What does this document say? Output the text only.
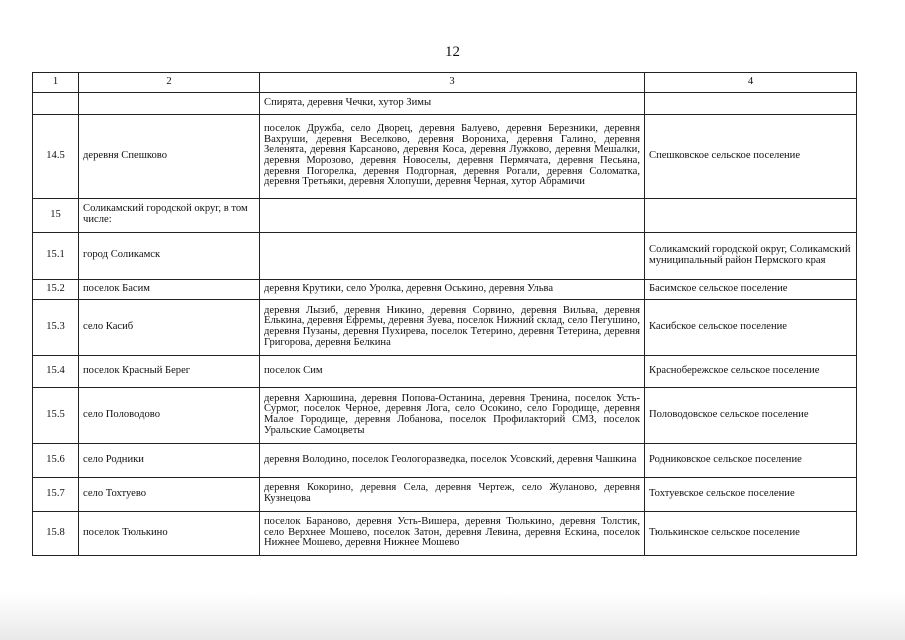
12
1	2	3	4
		Спирята, деревня Чечки, хутор Зимы	
14.5	деревня Спешково	поселок Дружба, село Дворец, деревня Балуево, деревня Березники, деревня Вахруши, деревня Веселково, деревня Ворониха, деревня Галино, деревня Зеленята, деревня Карсаново, деревня Коса, деревня Лужково, деревня Мешалки, деревня Морозово, деревня Новоселы, деревня Пермячата, деревня Песьяна, деревня Погорелка, деревня Подгорная, деревня Рогали, деревня Соломатка, деревня Третьяки, деревня Хлопуши, деревня Черная, хутор Абрамичи	Спешковское сельское поселение
15	Соликамский городской округ, в том числе:		
15.1	город Соликамск		Соликамский городской округ, Соликамский муниципальный район Пермского края
15.2	поселок Басим	деревня Крутики, село Уролка, деревня Оськино, деревня Ульва	Басимское сельское поселение
15.3	село Касиб	деревня Лызиб, деревня Никино, деревня Сорвино, деревня Вильва, деревня Елькина, деревня Ефремы, деревня Зуева, поселок Нижний склад, село Пегушино, деревня Пузаны, деревня Пухирева, поселок Тетерино, деревня Тетерина, деревня Григорова, деревня Белкина	Касибское сельское поселение
15.4	поселок Красный Берег	поселок Сим	Краснобережское сельское поселение
15.5	село Половодово	деревня Харюшина, деревня Попова-Останина, деревня Тренина, поселок Усть-Сурмог, поселок Черное, деревня Лога, село Осокино, село Городище, деревня Малое Городище, деревня Лобанова, поселок Профилакторий СМЗ, поселок Уральские Самоцветы	Половодовское сельское поселение
15.6	село Родники	деревня Володино, поселок Геологоразведка, поселок Усовский, деревня Чашкина	Родниковское сельское поселение
15.7	село Тохтуево	деревня Кокорино, деревня Села, деревня Чертеж, село Жуланово, деревня Кузнецова	Тохтуевское сельское поселение
15.8	поселок Тюлькино	поселок Бараново, деревня Усть-Вишера, деревня Тюлькино, деревня Толстик, село Верхнее Мошево, поселок Затон, деревня Левина, деревня Ескина, поселок Нижнее Мошево, деревня Нижнее Мошево	Тюлькинское сельское поселение
